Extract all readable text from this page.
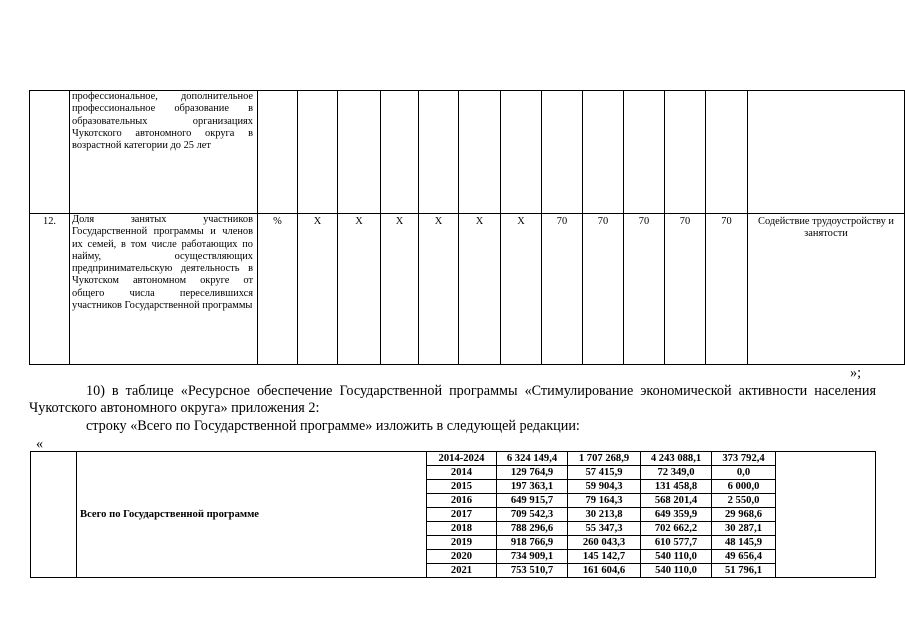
	профессиональное, дополнительное профессиональное образование в образовательных организациях Чукотского автономного округа в возрастной категории до 25 лет													
12.	Доля занятых участников Государственной программы и членов их семей, в том числе работающих по найму, осуществляющих предпринимательскую деятельность в Чукотском автономном округе от общего числа переселившихся участников Государственной программы	%	X	X	X	X	X	X	70	70	70	70	70	Содействие трудоустройству и занятости
»;
10) в таблице «Ресурсное обеспечение Государственной программы «Стимулирование экономической активности населения Чукотского автономного округа» приложения 2:
строку «Всего по Государственной программе» изложить в следующей редакции:
«
	Всего по Государственной программе	2014-2024	6 324 149,4	1 707 268,9	4 243 088,1	373 792,4	
		2014	129 764,9	57 415,9	72 349,0	0,0	
		2015	197 363,1	59 904,3	131 458,8	6 000,0	
		2016	649 915,7	79 164,3	568 201,4	2 550,0	
		2017	709 542,3	30 213,8	649 359,9	29 968,6	
		2018	788 296,6	55 347,3	702 662,2	30 287,1	
		2019	918 766,9	260 043,3	610 577,7	48 145,9	
		2020	734 909,1	145 142,7	540 110,0	49 656,4	
		2021	753 510,7	161 604,6	540 110,0	51 796,1	
